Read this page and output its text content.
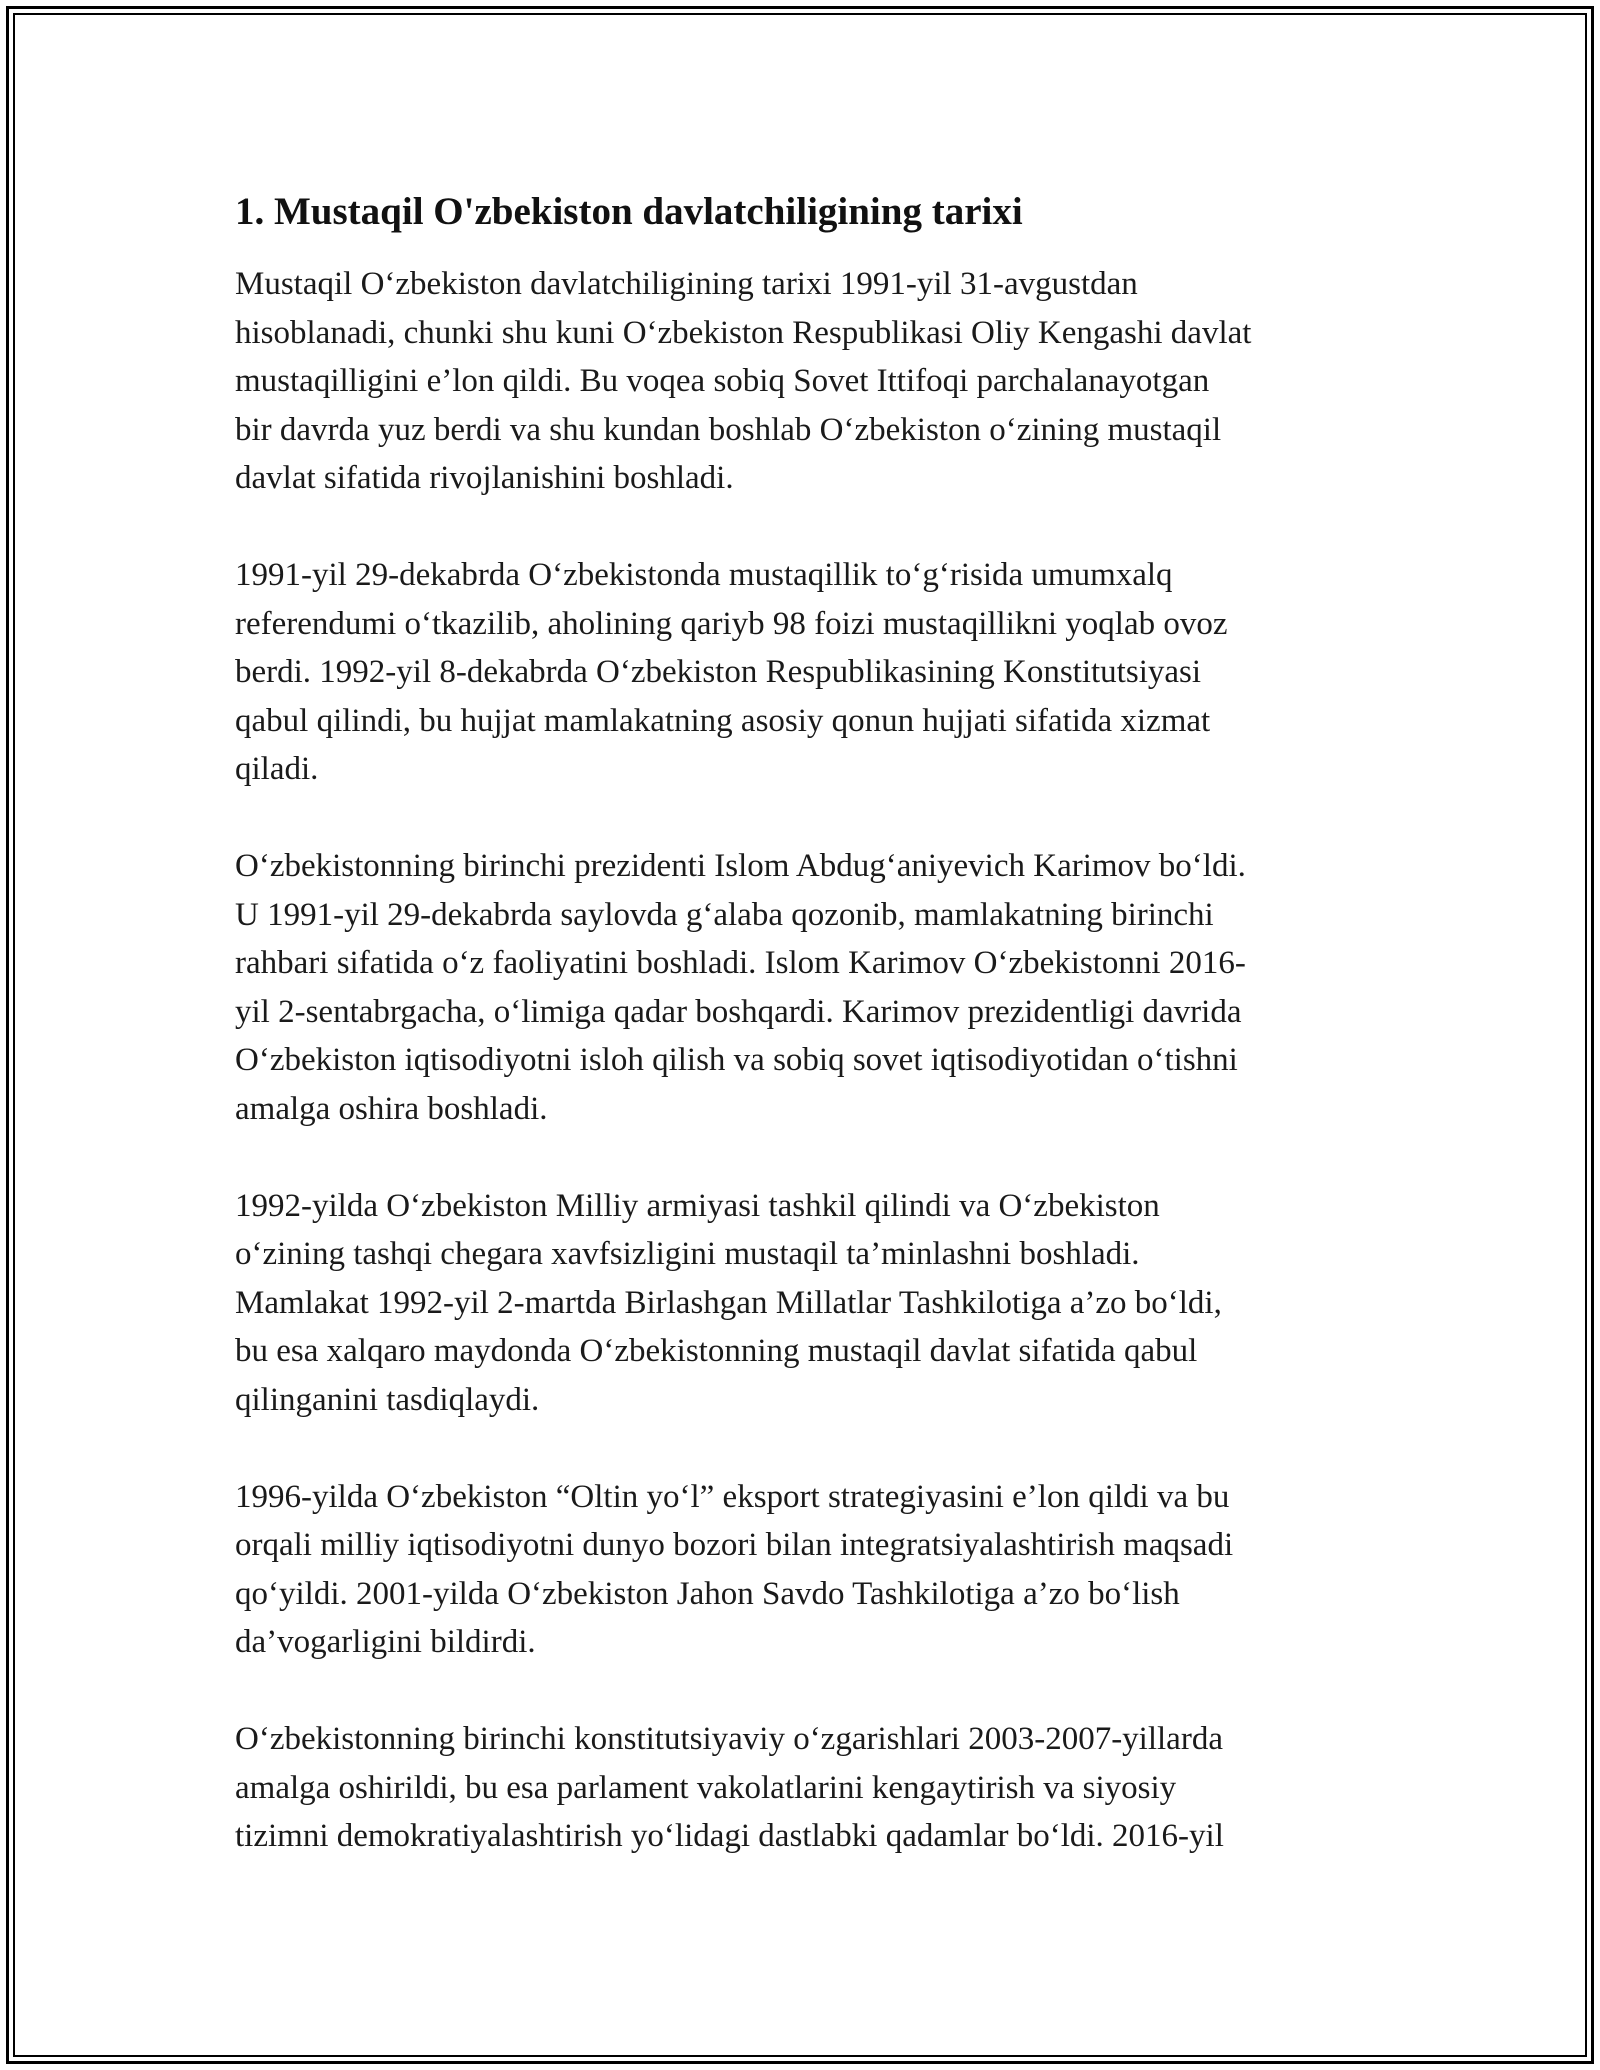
1. Mustaqil O'zbekiston davlatchiligining tarixi

Mustaqil O‘zbekiston davlatchiligining tarixi 1991-yil 31-avgustdan
hisoblanadi, chunki shu kuni O‘zbekiston Respublikasi Oliy Kengashi davlat
mustaqilligini e’lon qildi. Bu voqea sobiq Sovet Ittifoqi parchalanayotgan
bir davrda yuz berdi va shu kundan boshlab O‘zbekiston o‘zining mustaqil
davlat sifatida rivojlanishini boshladi.

1991-yil 29-dekabrda O‘zbekistonda mustaqillik to‘g‘risida umumxalq
referendumi o‘tkazilib, aholining qariyb 98 foizi mustaqillikni yoqlab ovoz
berdi. 1992-yil 8-dekabrda O‘zbekiston Respublikasining Konstitutsiyasi
qabul qilindi, bu hujjat mamlakatning asosiy qonun hujjati sifatida xizmat
qiladi.

O‘zbekistonning birinchi prezidenti Islom Abdug‘aniyevich Karimov bo‘ldi.
U 1991-yil 29-dekabrda saylovda g‘alaba qozonib, mamlakatning birinchi
rahbari sifatida o‘z faoliyatini boshladi. Islom Karimov O‘zbekistonni 2016-
yil 2-sentabrgacha, o‘limiga qadar boshqardi. Karimov prezidentligi davrida
O‘zbekiston iqtisodiyotni isloh qilish va sobiq sovet iqtisodiyotidan o‘tishni
amalga oshira boshladi.

1992-yilda O‘zbekiston Milliy armiyasi tashkil qilindi va O‘zbekiston
o‘zining tashqi chegara xavfsizligini mustaqil ta’minlashni boshladi.
Mamlakat 1992-yil 2-martda Birlashgan Millatlar Tashkilotiga a’zo bo‘ldi,
bu esa xalqaro maydonda O‘zbekistonning mustaqil davlat sifatida qabul
qilinganini tasdiqlaydi.

1996-yilda O‘zbekiston “Oltin yo‘l” eksport strategiyasini e’lon qildi va bu
orqali milliy iqtisodiyotni dunyo bozori bilan integratsiyalashtirish maqsadi
qo‘yildi. 2001-yilda O‘zbekiston Jahon Savdo Tashkilotiga a’zo bo‘lish
da’vogarligini bildirdi.

O‘zbekistonning birinchi konstitutsiyaviy o‘zgarishlari 2003-2007-yillarda
amalga oshirildi, bu esa parlament vakolatlarini kengaytirish va siyosiy
tizimni demokratiyalashtirish yo‘lidagi dastlabki qadamlar bo‘ldi. 2016-yil
